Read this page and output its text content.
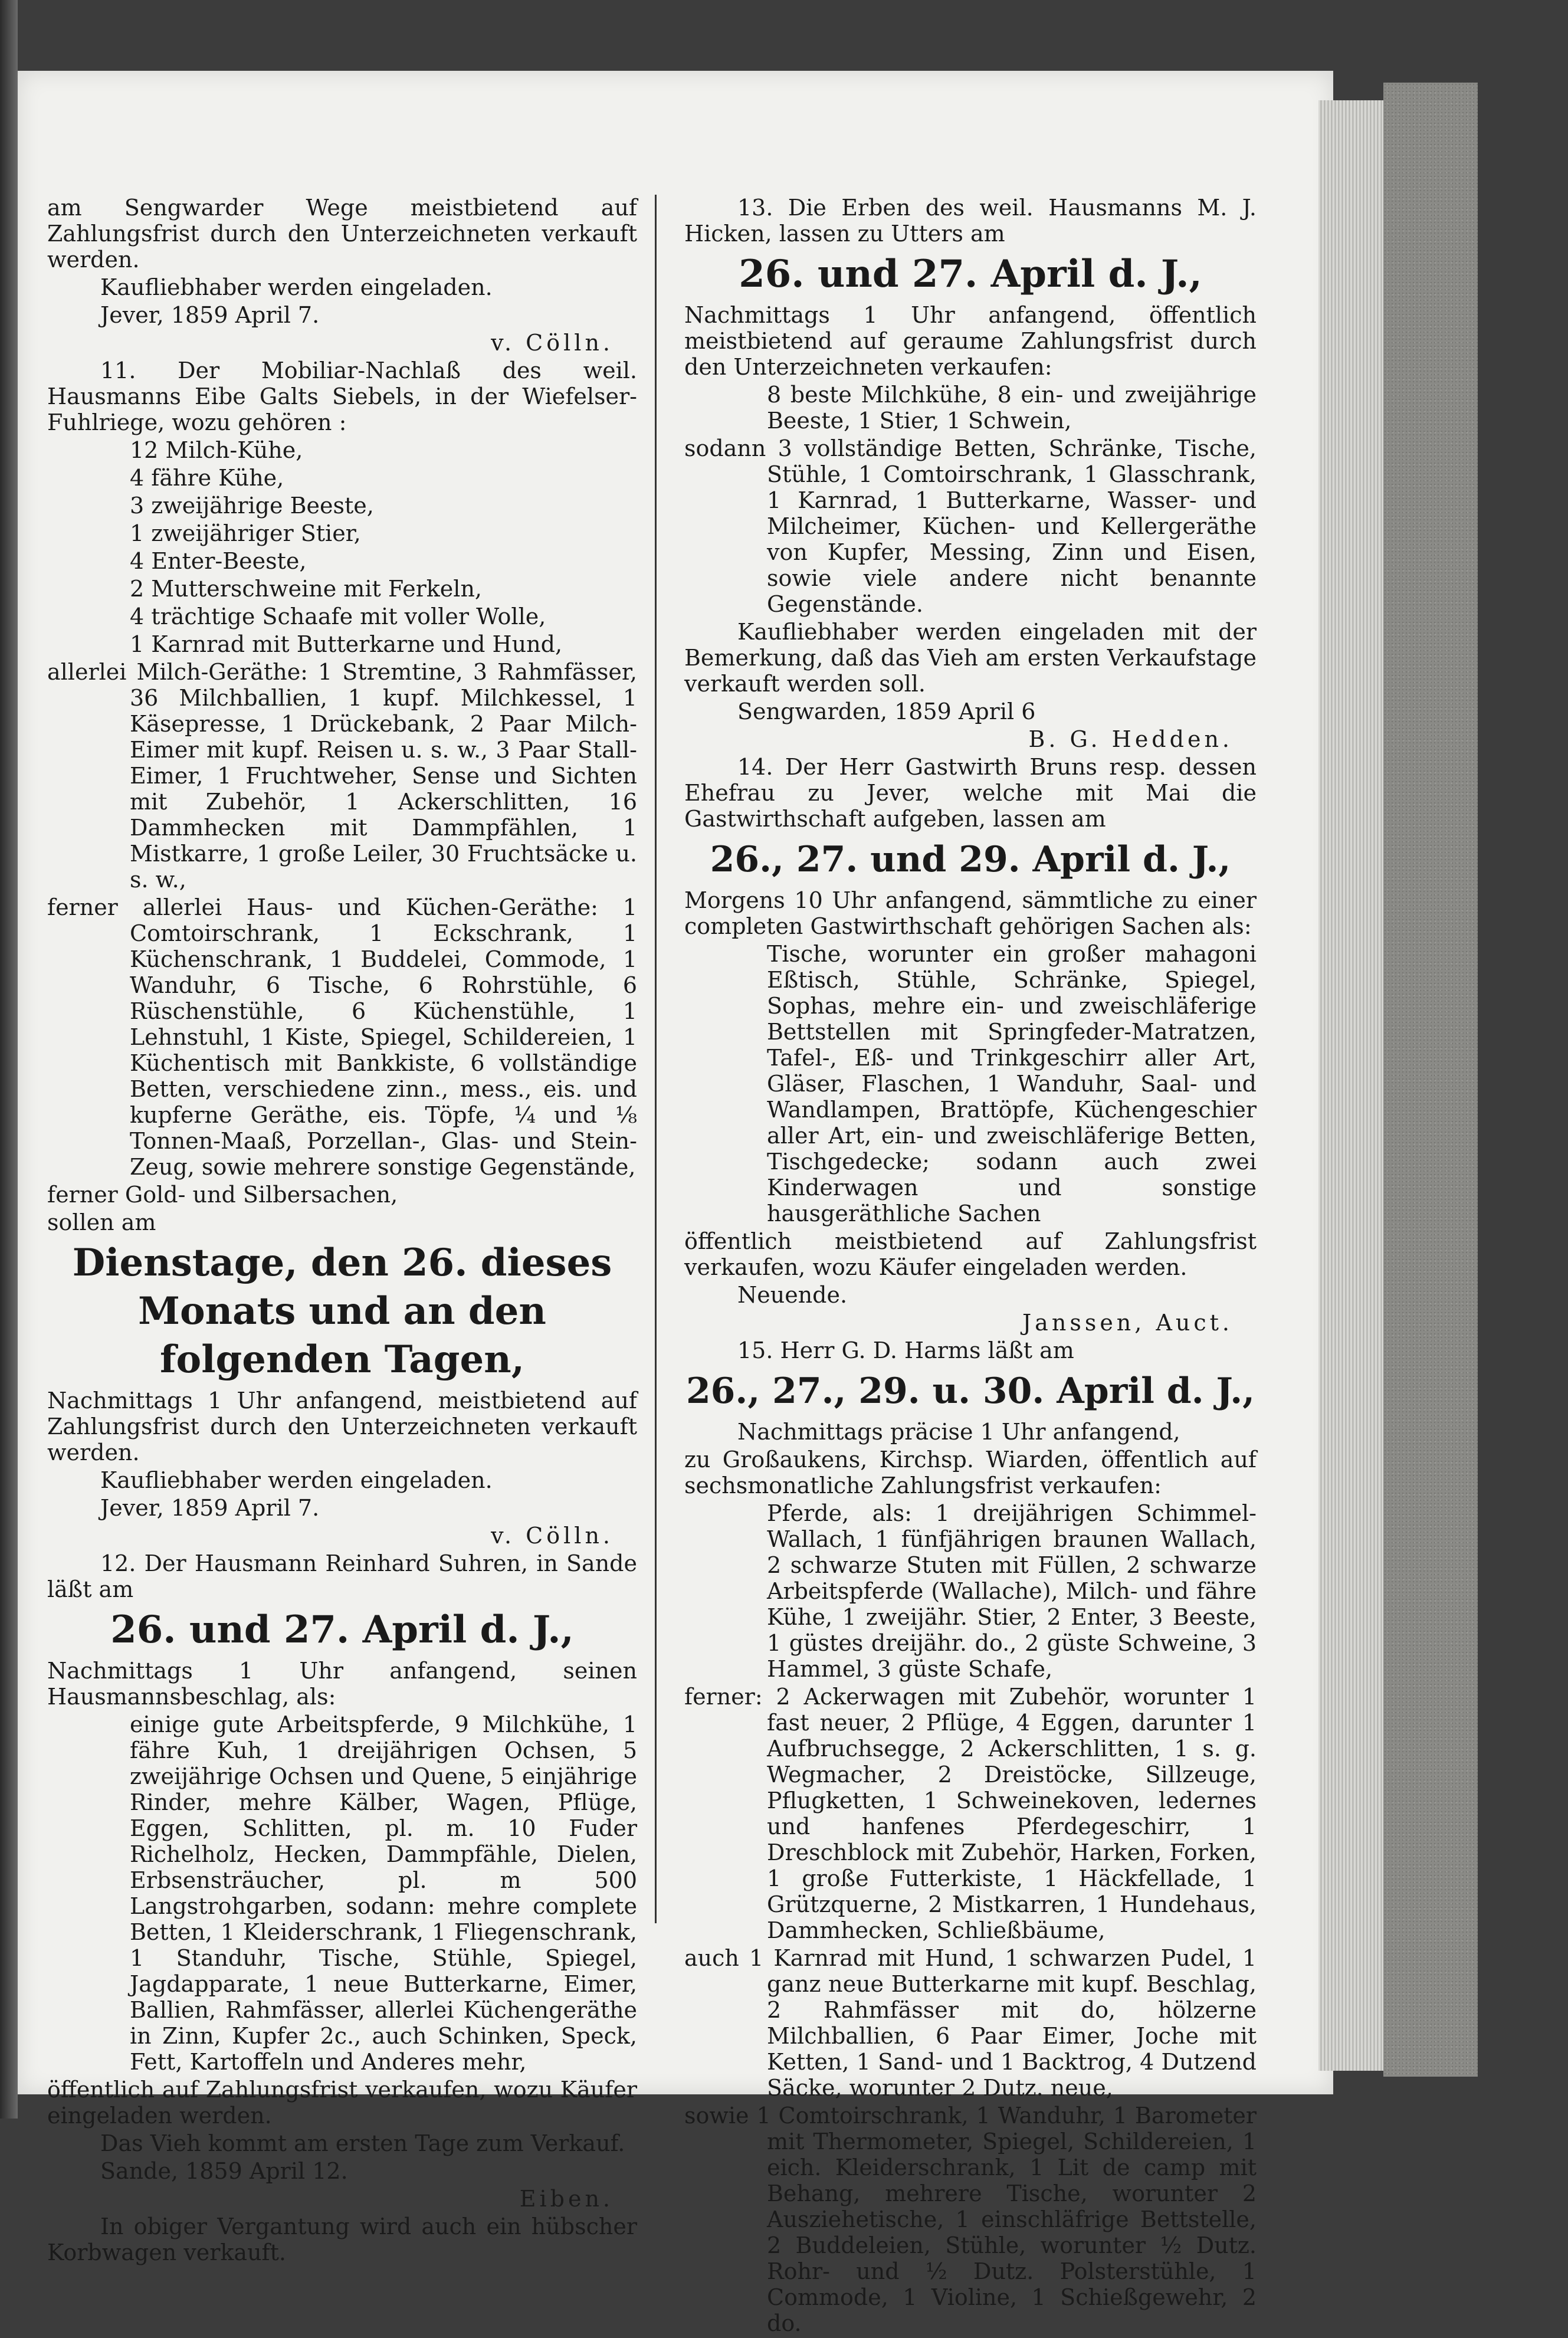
am Sengwarder Wege meistbietend auf Zahlungsfrist durch den Unterzeichneten verkauft werden.

Kaufliebhaber werden eingeladen.

Jever, 1859 April 7.

v. Cölln.

11. Der Mobiliar-Nachlaß des weil. Hausmanns Eibe Galts Siebels, in der Wiefelser-Fuhlriege, wozu gehören :

12 Milch-Kühe,

4 fähre Kühe,

3 zweijährige Beeste,

1 zweijähriger Stier,

4 Enter-Beeste,

2 Mutterschweine mit Ferkeln,

4 trächtige Schaafe mit voller Wolle,

1 Karnrad mit Butterkarne und Hund,

allerlei Milch-Geräthe: 1 Stremtine, 3 Rahmfässer, 36 Milchballien, 1 kupf. Milchkessel, 1 Käsepresse, 1 Drückebank, 2 Paar Milch-Eimer mit kupf. Reisen u. s. w., 3 Paar Stall-Eimer, 1 Fruchtweher, Sense und Sichten mit Zubehör, 1 Ackerschlitten, 16 Dammhecken mit Dammpfählen, 1 Mistkarre, 1 große Leiler, 30 Fruchtsäcke u. s. w.,

ferner allerlei Haus- und Küchen-Geräthe: 1 Comtoirschrank, 1 Eckschrank, 1 Küchenschrank, 1 Buddelei, Commode, 1 Wanduhr, 6 Tische, 6 Rohrstühle, 6 Rüschenstühle, 6 Küchenstühle, 1 Lehnstuhl, 1 Kiste, Spiegel, Schildereien, 1 Küchentisch mit Bankkiste, 6 vollständige Betten, verschiedene zinn., mess., eis. und kupferne Geräthe, eis. Töpfe, ¼ und ⅛ Tonnen-Maaß, Porzellan-, Glas- und Stein-Zeug, sowie mehrere sonstige Gegenstände,

ferner Gold- und Silbersachen,

sollen am

Dienstage, den 26. dieses Monats und an den folgenden Tagen,

Nachmittags 1 Uhr anfangend, meistbietend auf Zahlungsfrist durch den Unterzeichneten verkauft werden.

Kaufliebhaber werden eingeladen.

Jever, 1859 April 7.

v. Cölln.

12. Der Hausmann Reinhard Suhren, in Sande läßt am

26. und 27. April d. J.,

Nachmittags 1 Uhr anfangend, seinen Hausmannsbeschlag, als:

einige gute Arbeitspferde, 9 Milchkühe, 1 fähre Kuh, 1 dreijährigen Ochsen, 5 zweijährige Ochsen und Quene, 5 einjährige Rinder, mehre Kälber, Wagen, Pflüge, Eggen, Schlitten, pl. m. 10 Fuder Richelholz, Hecken, Dammpfähle, Dielen, Erbsensträucher, pl. m 500 Langstrohgarben, sodann: mehre complete Betten, 1 Kleiderschrank, 1 Fliegenschrank, 1 Standuhr, Tische, Stühle, Spiegel, Jagdapparate, 1 neue Butterkarne, Eimer, Ballien, Rahmfässer, allerlei Küchengeräthe in Zinn, Kupfer 2c., auch Schinken, Speck, Fett, Kartoffeln und Anderes mehr,

öffentlich auf Zahlungsfrist verkaufen, wozu Käufer eingeladen werden.

Das Vieh kommt am ersten Tage zum Verkauf.

Sande, 1859 April 12.

Eiben.

In obiger Vergantung wird auch ein hübscher Korbwagen verkauft.

13. Die Erben des weil. Hausmanns M. J. Hicken, lassen zu Utters am

26. und 27. April d. J.,

Nachmittags 1 Uhr anfangend, öffentlich meistbietend auf geraume Zahlungsfrist durch den Unterzeichneten verkaufen:

8 beste Milchkühe, 8 ein- und zweijährige Beeste, 1 Stier, 1 Schwein,

sodann 3 vollständige Betten, Schränke, Tische, Stühle, 1 Comtoirschrank, 1 Glasschrank, 1 Karnrad, 1 Butterkarne, Wasser- und Milcheimer, Küchen- und Kellergeräthe von Kupfer, Messing, Zinn und Eisen, sowie viele andere nicht benannte Gegenstände.

Kaufliebhaber werden eingeladen mit der Bemerkung, daß das Vieh am ersten Verkaufstage verkauft werden soll.

Sengwarden, 1859 April 6

B. G. Hedden.

14. Der Herr Gastwirth Bruns resp. dessen Ehefrau zu Jever, welche mit Mai die Gastwirthschaft aufgeben, lassen am

26., 27. und 29. April d. J.,

Morgens 10 Uhr anfangend, sämmtliche zu einer completen Gastwirthschaft gehörigen Sachen als:

Tische, worunter ein großer mahagoni Eßtisch, Stühle, Schränke, Spiegel, Sophas, mehre ein- und zweischläferige Bettstellen mit Springfeder-Matratzen, Tafel-, Eß- und Trinkgeschirr aller Art, Gläser, Flaschen, 1 Wanduhr, Saal- und Wandlampen, Brattöpfe, Küchengeschier aller Art, ein- und zweischläferige Betten, Tischgedecke; sodann auch zwei Kinderwagen und sonstige hausgeräthliche Sachen

öffentlich meistbietend auf Zahlungsfrist verkaufen, wozu Käufer eingeladen werden.

Neuende.

Janssen, Auct.

15. Herr G. D. Harms läßt am

26., 27., 29. u. 30. April d. J.,

Nachmittags präcise 1 Uhr anfangend,

zu Großaukens, Kirchsp. Wiarden, öffentlich auf sechsmonatliche Zahlungsfrist verkaufen:

Pferde, als: 1 dreijährigen Schimmel-Wallach, 1 fünfjährigen braunen Wallach, 2 schwarze Stuten mit Füllen, 2 schwarze Arbeitspferde (Wallache), Milch- und fähre Kühe, 1 zweijähr. Stier, 2 Enter, 3 Beeste, 1 güstes dreijähr. do., 2 güste Schweine, 3 Hammel, 3 güste Schafe,

ferner: 2 Ackerwagen mit Zubehör, worunter 1 fast neuer, 2 Pflüge, 4 Eggen, darunter 1 Aufbruchsegge, 2 Ackerschlitten, 1 s. g. Wegmacher, 2 Dreistöcke, Sillzeuge, Pflugketten, 1 Schweinekoven, ledernes und hanfenes Pferdegeschirr, 1 Dreschblock mit Zubehör, Harken, Forken, 1 große Futterkiste, 1 Häckfellade, 1 Grützquerne, 2 Mistkarren, 1 Hundehaus, Dammhecken, Schließbäume,

auch 1 Karnrad mit Hund, 1 schwarzen Pudel, 1 ganz neue Butterkarne mit kupf. Beschlag, 2 Rahmfässer mit do, hölzerne Milchballien, 6 Paar Eimer, Joche mit Ketten, 1 Sand- und 1 Backtrog, 4 Dutzend Säcke, worunter 2 Dutz. neue,

sowie 1 Comtoirschrank, 1 Wanduhr, 1 Barometer mit Thermometer, Spiegel, Schildereien, 1 eich. Kleiderschrank, 1 Lit de camp mit Behang, mehrere Tische, worunter 2 Ausziehetische, 1 einschläfrige Bettstelle, 2 Buddeleien, Stühle, worunter ½ Dutz. Rohr- und ½ Dutz. Polsterstühle, 1 Commode, 1 Violine, 1 Schießgewehr, 2 do.
